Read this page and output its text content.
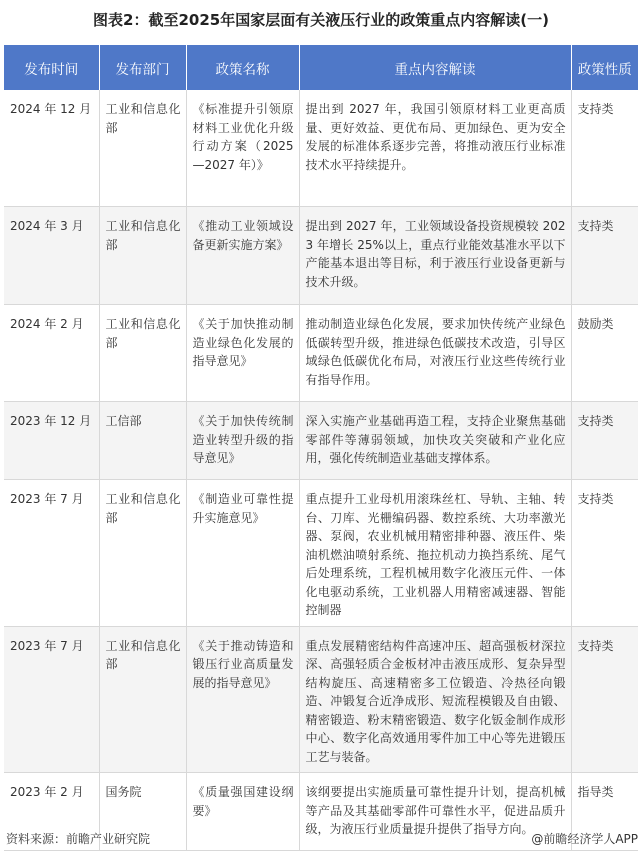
图表2：截至2025年国家层面有关液压行业的政策重点内容解读(一)
发布时间	发布部门	政策名称	重点内容解读	政策性质
2024 年 12 月	工业和信息化部	《标准提升引领原材料工业优化升级行动方案（2025—2027 年）》	提出到 2027 年，我国引领原材料工业更高质量、更好效益、更优布局、更加绿色、更为安全发展的标准体系逐步完善，将推动液压行业标准技术水平持续提升。	支持类
2024 年 3 月	工业和信息化部	《推动工业领域设备更新实施方案》	提出到 2027 年，工业领域设备投资规模较 2023 年增长 25%以上，重点行业能效基准水平以下产能基本退出等目标，利于液压行业设备更新与技术升级。	支持类
2024 年 2 月	工业和信息化部	《关于加快推动制造业绿色化发展的指导意见》	推动制造业绿色化发展，要求加快传统产业绿色低碳转型升级，推进绿色低碳技术改造，引导区域绿色低碳优化布局，对液压行业这些传统行业有指导作用。	鼓励类
2023 年 12 月	工信部	《关于加快传统制造业转型升级的指导意见》	深入实施产业基础再造工程，支持企业聚焦基础零部件等薄弱领域，加快攻关突破和产业化应用，强化传统制造业基础支撑体系。	支持类
2023 年 7 月	工业和信息化部	《制造业可靠性提升实施意见》	重点提升工业母机用滚珠丝杠、导轨、主轴、转台、刀库、光栅编码器、数控系统、大功率激光器、泵阀，农业机械用精密排种器、液压件、柴油机燃油喷射系统、拖拉机动力换挡系统、尾气后处理系统，工程机械用数字化液压元件、一体化电驱动系统，工业机器人用精密减速器、智能控制器	支持类
2023 年 7 月	工业和信息化部	《关于推动铸造和锻压行业高质量发展的指导意见》	重点发展精密结构件高速冲压、超高强板材深拉深、高强轻质合金板材冲击液压成形、复杂异型结构旋压、高速精密多工位锻造、冷热径向锻造、冲锻复合近净成形、短流程模锻及自由锻、精密锻造、粉末精密锻造、数字化钣金制作成形中心、数字化高效通用零件加工中心等先进锻压工艺与装备。	支持类
2023 年 2 月	国务院	《质量强国建设纲要》	该纲要提出实施质量可靠性提升计划，提高机械等产品及其基础零部件可靠性水平，促进品质升级，为液压行业质量提升提供了指导方向。	指导类
资料来源：前瞻产业研究院	@前瞻经济学人APP
